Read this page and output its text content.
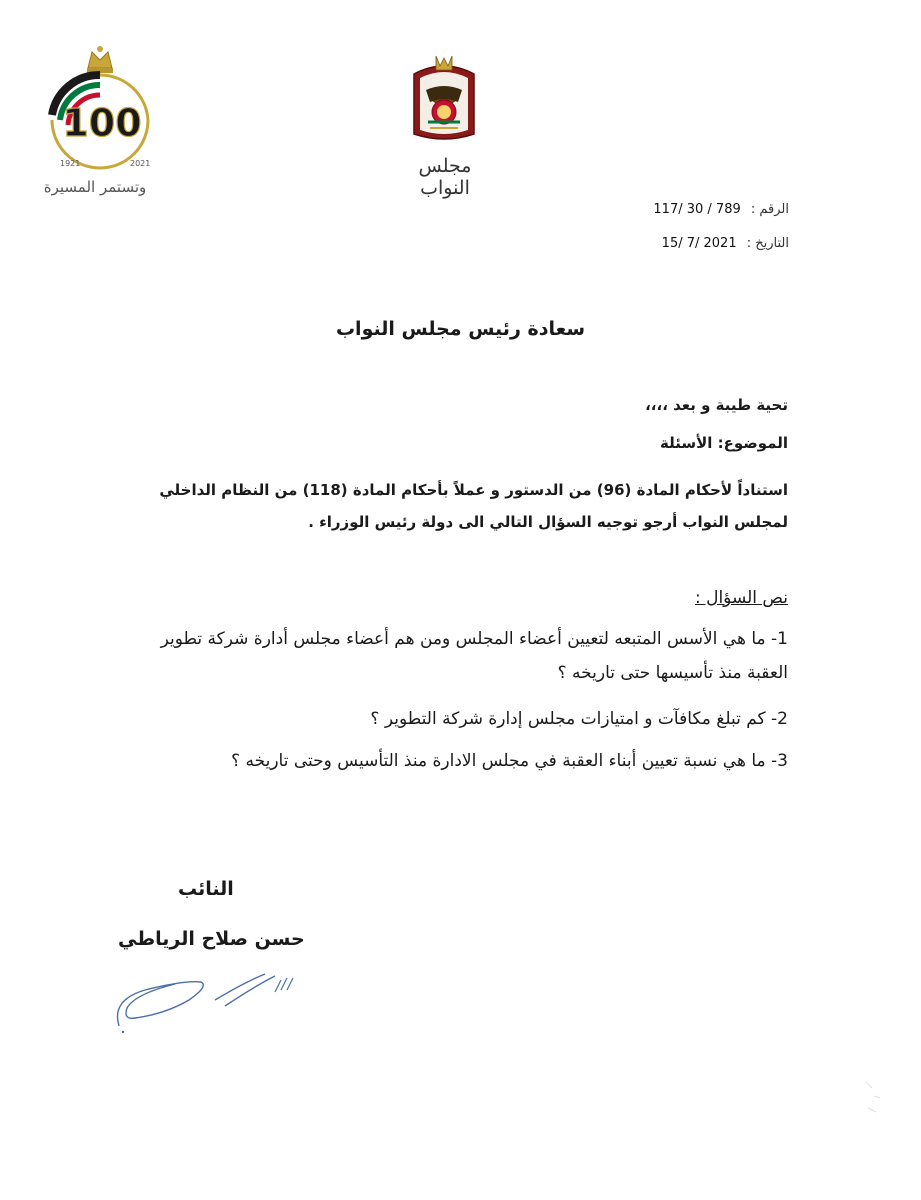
100
1921	2021
وتستمر المسيرة
مجلس النواب
الرقم : 117/ 30 / 789
التاريخ : 15/ 7/ 2021
سعادة رئيس مجلس النواب
تحية طيبة و بعد ،،،،
الموضوع: الأسئلة
استناداً لأحكام المادة (96) من الدستور و عملاً بأحكام المادة (118) من النظام الداخلي لمجلس النواب أرجو توجيه السؤال التالي الى دولة رئيس الوزراء .
نص السؤال :
1- ما هي الأسس المتبعه لتعيين أعضاء المجلس ومن هم أعضاء مجلس أدارة شركة تطوير العقبة منذ تأسيسها حتى تاريخه ؟
2- كم تبلغ مكافآت و امتيازات مجلس إدارة شركة التطوير ؟
3- ما هي نسبة تعيين أبناء العقبة في مجلس الادارة منذ التأسيس وحتى تاريخه ؟
النائب
حسن صلاح الرياطي
